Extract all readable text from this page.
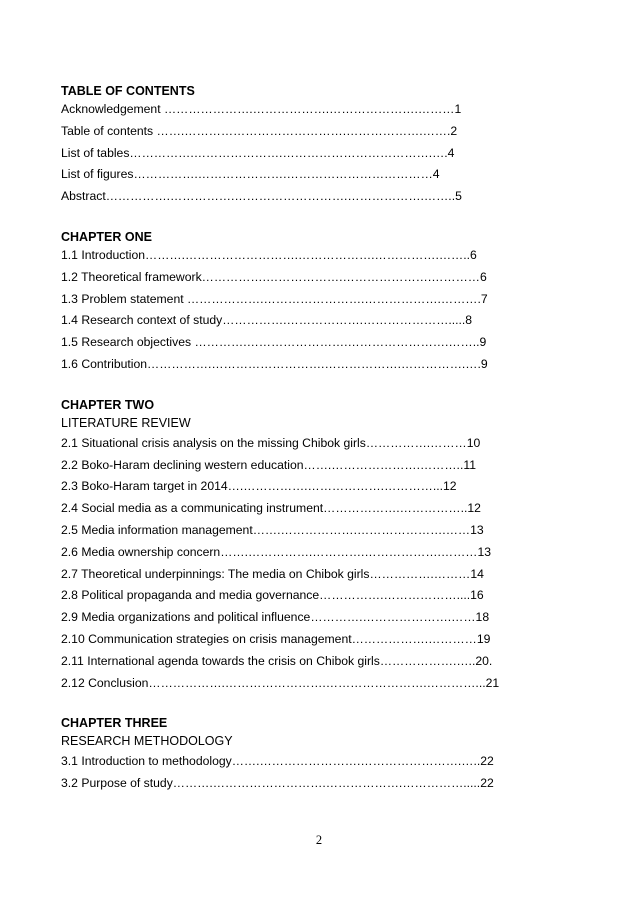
TABLE OF CONTENTS
Acknowledgement ………………….……………….………………….………1
Table of contents …….………………………………….……………….…….2
List of tables…………….………………….……………………………….….4
List of figures…………….………………….………………………………4
Abstract…………….…………….……………………….……………….……..5
CHAPTER ONE
1.1 Introduction……….……………………….……………….…………….……..6
1.2 Theoretical framework…………….……………….………………….…………6
1.3 Problem statement ……………….…………………….……………….……….7
1.4 Research context of study…………….……………….………………….....8
1.5 Research objectives ………….…………………….…………………….……..9
1.6 Contribution…………….……………………….……………….…………….….9
CHAPTER TWO
LITERATURE REVIEW
2.1 Situational crisis analysis on the missing Chibok girls…………….………10
2.2 Boko-Haram declining western education…….………………….………..11
2.3 Boko-Haram target in 2014….…………….……………….…………...12
2.4 Social media as a communicating instrument……………….……………..12
2.5 Media information management…….……………….………………….……13
2.6 Media ownership concern…….…………….………….……………….………13
2.7 Theoretical underpinnings: The media on Chibok girls…………….………14
2.8 Political propaganda and media governance…………….………………....16
2.9 Media organizations and political influence………….………………….……18
2.10 Communication strategies on crisis management……………….…………19
2.11 International agenda towards the crisis on Chibok girls……………….…..20.
2.12 Conclusion……………….…………………….…………………….…………...21
CHAPTER THREE
RESEARCH METHODOLOGY
3.1 Introduction to methodology…….…………………….…………………….…..22
3.2 Purpose of study……….……………………….……………….…………….....22
2
